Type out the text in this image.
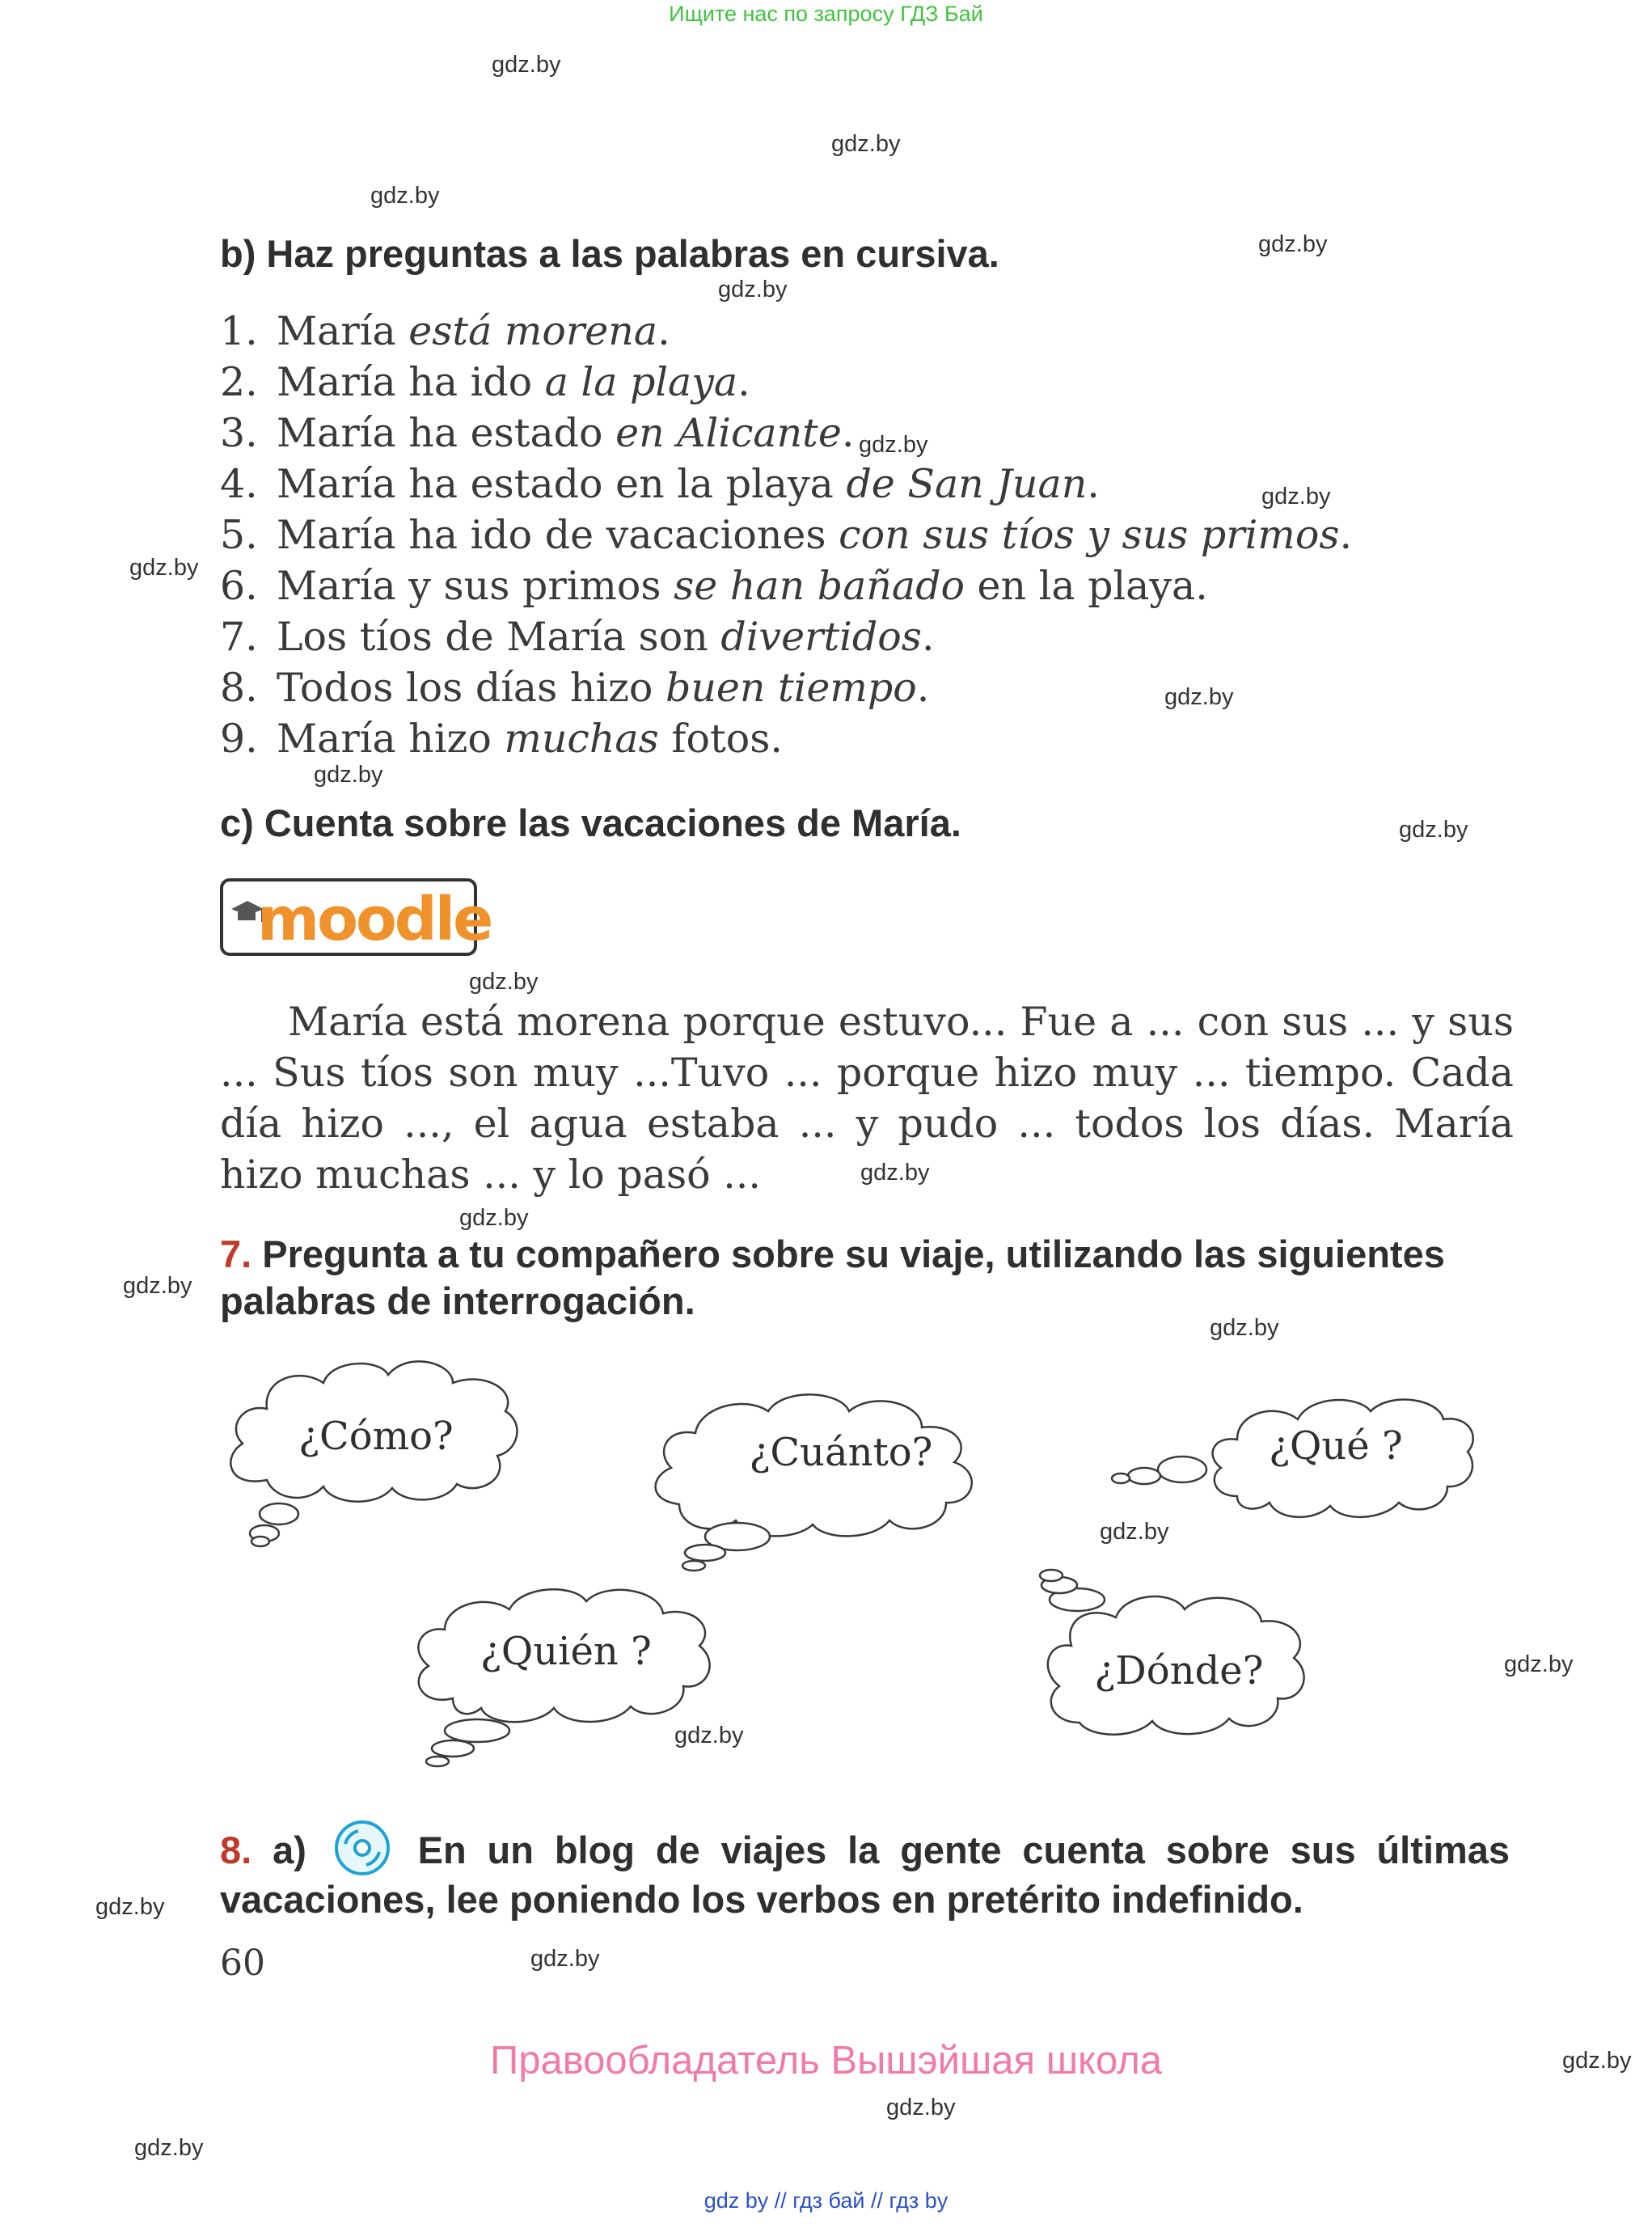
Ищите нас по запросу ГДЗ Бай
gdz.by
gdz.by
gdz.by
gdz.by
gdz.by
gdz.by
gdz.by
gdz.by
gdz.by
gdz.by
gdz.by
gdz.by
gdz.by
gdz.by
gdz.by
gdz.by
gdz.by
gdz.by
gdz.by
gdz.by
gdz.by
gdz.by
gdz.by
gdz.by
b) Haz preguntas a las palabras en cursiva.
1. María está morena.
2. María ha ido a la playa.
3. María ha estado en Alicante.
4. María ha estado en la playa de San Juan.
5. María ha ido de vacaciones con sus tíos y sus primos.
6. María y sus primos se han bañado en la playa.
7. Los tíos de María son divertidos.
8. Todos los días hizo buen tiempo.
9. María hizo muchas fotos.
c) Cuenta sobre las vacaciones de María.
moodle
María está morena porque estuvo... Fue a ... con sus ... y sus ... Sus tíos son muy ...Tuvo ... porque hizo muy ... tiempo. Cada día hizo ..., el agua estaba ... y pudo ... todos los días. María hizo muchas ... y lo pasó ...
7. Pregunta a tu compañero sobre su viaje, utilizando las siguientes palabras de interrogación.
¿Cómo?	¿Cuánto?	¿Qué ?
¿Quién ?	¿Dónde?
8. a)	En un blog de viajes la gente cuenta sobre sus últimas vacaciones, lee poniendo los verbos en pretérito indefinido.
60
Правообладатель Вышэйшая школа
gdz by // гдз бай // гдз by
